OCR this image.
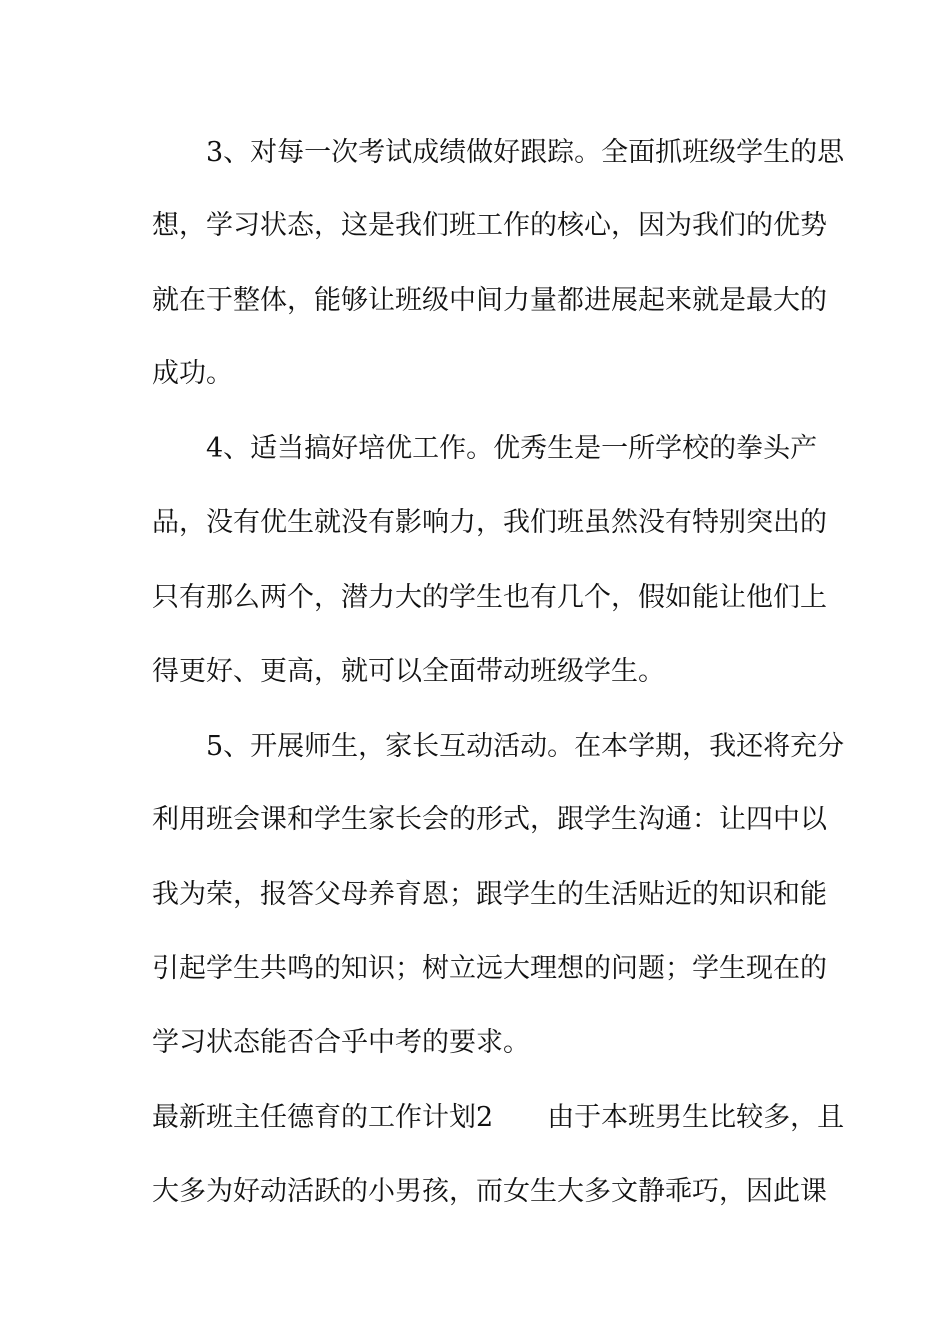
3、对每一次考试成绩做好跟踪。全面抓班级学生的思

想，学习状态，这是我们班工作的核心，因为我们的优势

就在于整体，能够让班级中间力量都进展起来就是最大的

成功。

4、适当搞好培优工作。优秀生是一所学校的拳头产

品，没有优生就没有影响力，我们班虽然没有特别突出的

只有那么两个，潜力大的学生也有几个，假如能让他们上

得更好、更高，就可以全面带动班级学生。

5、开展师生，家长互动活动。在本学期，我还将充分

利用班会课和学生家长会的形式，跟学生沟通：让四中以

我为荣，报答父母养育恩；跟学生的生活贴近的知识和能

引起学生共鸣的知识；树立远大理想的问题；学生现在的

学习状态能否合乎中考的要求。

最新班主任德育的工作计划2 由于本班男生比较多，且

大多为好动活跃的小男孩，而女生大多文静乖巧，因此课
